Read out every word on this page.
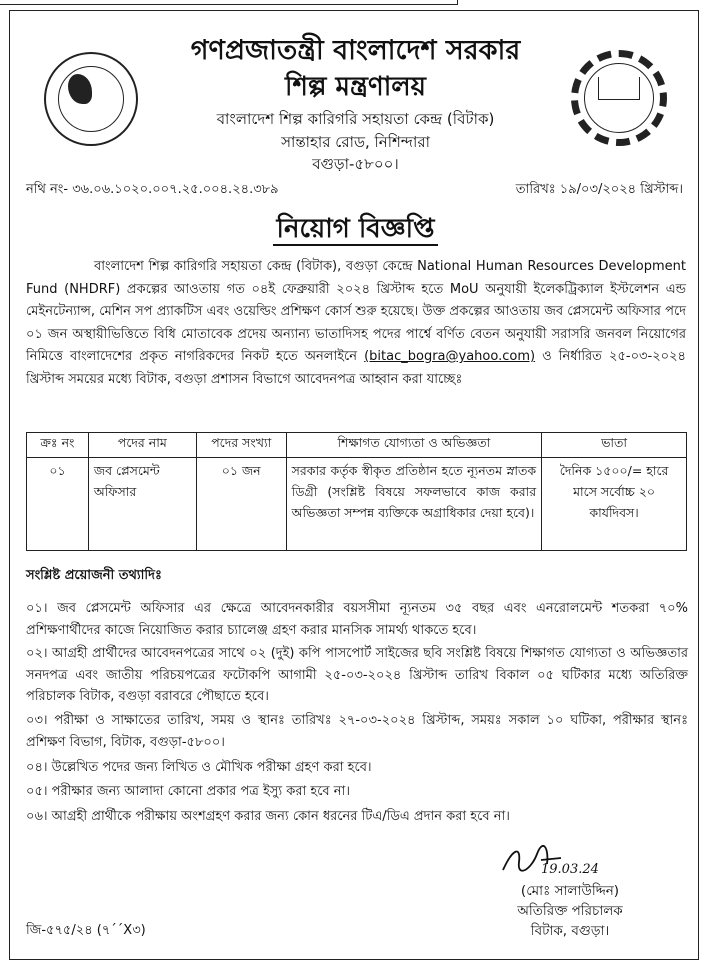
গণপ্রজাতন্ত্রী বাংলাদেশ সরকার
শিল্প মন্ত্রণালয়
বাংলাদেশ শিল্প কারিগরি সহায়তা কেন্দ্র (বিটাক)
সান্তাহার রোড, নিশিন্দারা
বগুড়া-৫৮০০।
নথি নং- ৩৬.০৬.১০২০.০০৭.২৫.০০৪.২৪.৩৮৯	তারিখঃ ১৯/০৩/২০২৪ খ্রিস্টাব্দ।
নিয়োগ বিজ্ঞপ্তি
বাংলাদেশ শিল্প কারিগরি সহায়তা কেন্দ্র (বিটাক), বগুড়া কেন্দ্রে National Human Resources Development Fund (NHDRF) প্রকল্পের আওতায় গত ০৪ই ফেব্রুয়ারী ২০২৪ খ্রিস্টাব্দ হতে MoU অনুযায়ী ইলেকট্রিক্যাল ইস্টলেশন এন্ড মেইনটেন্যান্স, মেশিন সপ প্র্যাকটিস এবং ওয়েল্ডিং প্রশিক্ষণ কোর্স শুরু হয়েছে। উক্ত প্রকল্পের আওতায় জব প্লেসমেন্ট অফিসার পদে ০১ জন অস্থায়ীভিত্তিতে বিধি মোতাবেক প্রদেয় অন্যান্য ভাতাদিসহ পদের পার্শ্বে বর্ণিত বেতন অনুযায়ী সরাসরি জনবল নিয়োগের নিমিত্তে বাংলাদেশের প্রকৃত নাগরিকদের নিকট হতে অনলাইনে (bitac_bogra@yahoo.com) ও নির্ধারিত ২৫-০৩-২০২৪ খ্রিস্টাব্দ সময়ের মধ্যে বিটাক, বগুড়া প্রশাসন বিভাগে আবেদনপত্র আহ্বান করা যাচ্ছেঃ
ক্রঃ নং	পদের নাম	পদের সংখ্যা	শিক্ষাগত যোগ্যতা ও অভিজ্ঞতা	ভাতা
০১	জব প্লেসমেন্ট অফিসার	০১ জন	সরকার কর্তৃক স্বীকৃত প্রতিষ্ঠান হতে ন্যূনতম স্নাতক ডিগ্রী (সংশ্লিষ্ট বিষয়ে সফলভাবে কাজ করার অভিজ্ঞতা সম্পন্ন ব্যক্তিকে অগ্রাধিকার দেয়া হবে)।	দৈনিক ১৫০০/= হারে মাসে সর্বোচ্চ ২০ কার্যদিবস।
সংশ্লিষ্ট প্রয়োজনী তথ্যাদিঃ
০১। জব প্লেসমেন্ট অফিসার এর ক্ষেত্রে আবেদনকারীর বয়সসীমা ন্যূনতম ৩৫ বছর এবং এনরোলমেন্ট শতকরা ৭০% প্রশিক্ষণার্থীদের কাজে নিয়োজিত করার চ্যালেঞ্জ গ্রহণ করার মানসিক সামর্থ্য থাকতে হবে।
০২। আগ্রহী প্রার্থীদের আবেদনপত্রের সাথে ০২ (দুই) কপি পাসপোর্ট সাইজের ছবি সংশ্লিষ্ট বিষয়ে শিক্ষাগত যোগ্যতা ও অভিজ্ঞতার সনদপত্র এবং জাতীয় পরিচয়পত্রের ফটোকপি আগামী ২৫-০৩-২০২৪ খ্রিস্টাব্দ তারিখ বিকাল ০৫ ঘটিকার মধ্যে অতিরিক্ত পরিচালক বিটাক, বগুড়া বরাবরে পৌছাতে হবে।
০৩। পরীক্ষা ও সাক্ষাতের তারিখ, সময় ও স্থানঃ তারিখঃ ২৭-০৩-২০২৪ খ্রিস্টাব্দ, সময়ঃ সকাল ১০ ঘটিকা, পরীক্ষার স্থানঃ প্রশিক্ষণ বিভাগ, বিটাক, বগুড়া-৫৮০০।
০৪। উল্লেখিত পদের জন্য লিখিত ও মৌখিক পরীক্ষা গ্রহণ করা হবে।
০৫। পরীক্ষার জন্য আলাদা কোনো প্রকার পত্র ইস্যু করা হবে না।
০৬। আগ্রহী প্রার্থীকে পরীক্ষায় অংশগ্রহণ করার জন্য কোন ধরনের টিএ/ডিএ প্রদান করা হবে না।
19.03.24
(মোঃ সালাউদ্দিন)
অতিরিক্ত পরিচালক
বিটাক, বগুড়া।
জি-৫৭৫/২৪ (৭´´X৩)
